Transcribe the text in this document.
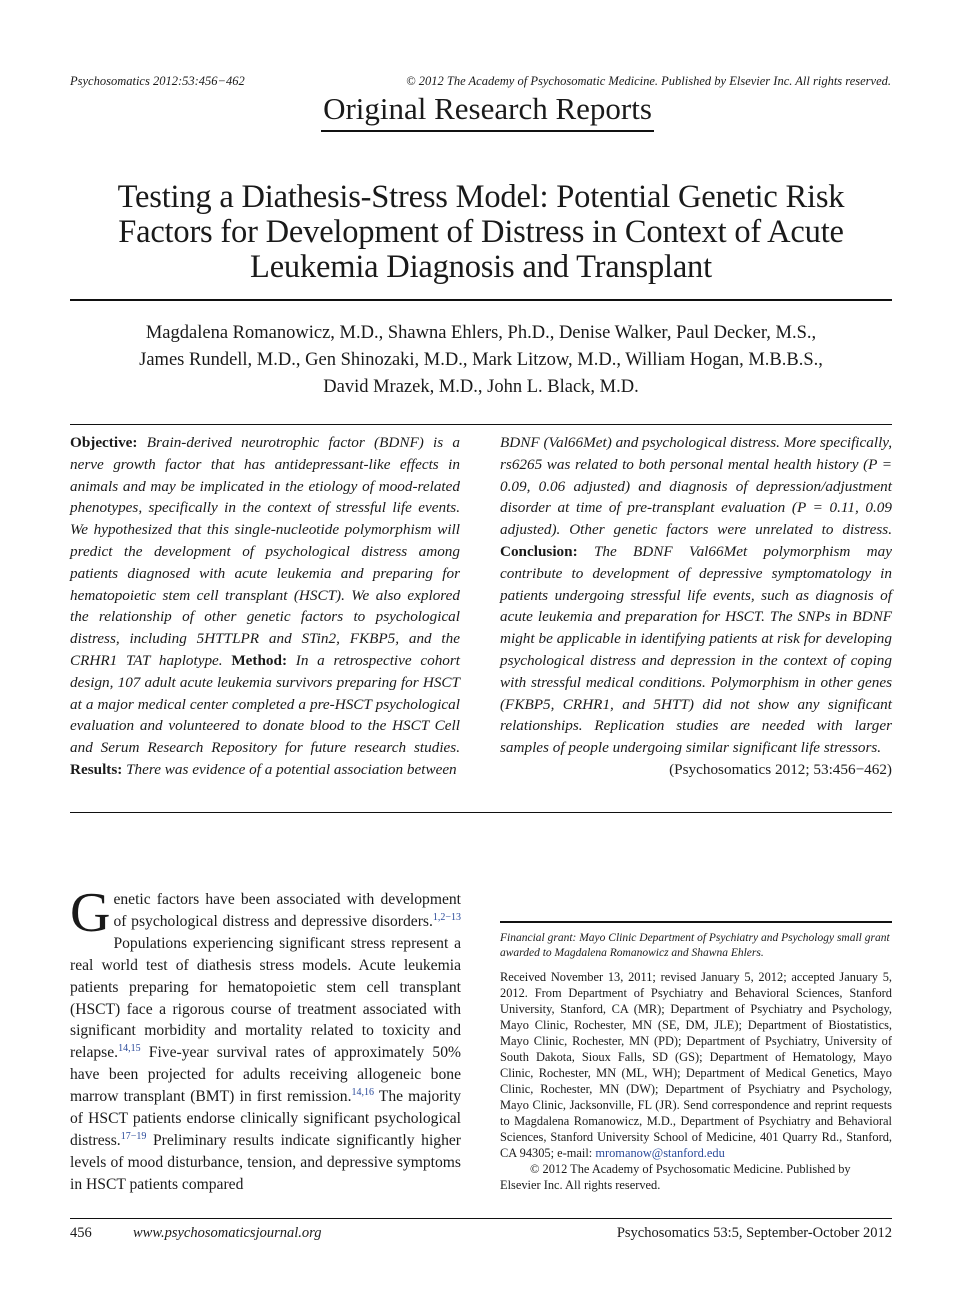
Psychosomatics 2012:53:456−462	© 2012 The Academy of Psychosomatic Medicine. Published by Elsevier Inc. All rights reserved.
Original Research Reports
Testing a Diathesis-Stress Model: Potential Genetic Risk
Factors for Development of Distress in Context of Acute
Leukemia Diagnosis and Transplant
Magdalena Romanowicz, M.D., Shawna Ehlers, Ph.D., Denise Walker, Paul Decker, M.S.,
James Rundell, M.D., Gen Shinozaki, M.D., Mark Litzow, M.D., William Hogan, M.B.B.S.,
David Mrazek, M.D., John L. Black, M.D.
Objective: Brain-derived neurotrophic factor (BDNF) is a nerve growth factor that has antidepressant-like effects in animals and may be implicated in the etiology of mood-related phenotypes, specifically in the context of stressful life events. We hypothesized that this single-nucleotide polymorphism will predict the development of psychological distress among patients diagnosed with acute leukemia and preparing for hematopoietic stem cell transplant (HSCT). We also explored the relationship of other genetic factors to psychological distress, including 5HTTLPR and STin2, FKBP5, and the CRHR1 TAT haplotype. Method: In a retrospective cohort design, 107 adult acute leukemia survivors preparing for HSCT at a major medical center completed a pre-HSCT psychological evaluation and volunteered to donate blood to the HSCT Cell and Serum Research Repository for future research studies. Results: There was evidence of a potential association between
BDNF (Val66Met) and psychological distress. More specifically, rs6265 was related to both personal mental health history (P = 0.09, 0.06 adjusted) and diagnosis of depression/adjustment disorder at time of pre-transplant evaluation (P = 0.11, 0.09 adjusted). Other genetic factors were unrelated to distress. Conclusion: The BDNF Val66Met polymorphism may contribute to development of depressive symptomatology in patients undergoing stressful life events, such as diagnosis of acute leukemia and preparation for HSCT. The SNPs in BDNF might be applicable in identifying patients at risk for developing psychological distress and depression in the context of coping with stressful medical conditions. Polymorphism in other genes (FKBP5, CRHR1, and 5HTT) did not show any significant relationships. Replication studies are needed with larger samples of people undergoing similar significant life stressors.
(Psychosomatics 2012; 53:456−462)
Genetic factors have been associated with development of psychological distress and depressive disorders.$^{1,2-13}$ Populations experiencing significant stress represent a real world test of diathesis stress models. Acute leukemia patients preparing for hematopoietic stem cell transplant (HSCT) face a rigorous course of treatment associated with significant morbidity and mortality related to toxicity and relapse.$^{14,15}$ Five-year survival rates of approximately 50% have been projected for adults receiving allogeneic bone marrow transplant (BMT) in first remission.$^{14,16}$ The majority of HSCT patients endorse clinically significant psychological distress.$^{17-19}$ Preliminary results indicate significantly higher levels of mood disturbance, tension, and depressive symptoms in HSCT patients compared
Financial grant: Mayo Clinic Department of Psychiatry and Psychology small grant awarded to Magdalena Romanowicz and Shawna Ehlers.
Received November 13, 2011; revised January 5, 2012; accepted January 5, 2012. From Department of Psychiatry and Behavioral Sciences, Stanford University, Stanford, CA (MR); Department of Psychiatry and Psychology, Mayo Clinic, Rochester, MN (SE, DM, JLE); Department of Biostatistics, Mayo Clinic, Rochester, MN (PD); Department of Psychiatry, University of South Dakota, Sioux Falls, SD (GS); Department of Hematology, Mayo Clinic, Rochester, MN (ML, WH); Department of Medical Genetics, Mayo Clinic, Rochester, MN (DW); Department of Psychiatry and Psychology, Mayo Clinic, Jacksonville, FL (JR). Send correspondence and reprint requests to Magdalena Romanowicz, M.D., Department of Psychiatry and Behavioral Sciences, Stanford University School of Medicine, 401 Quarry Rd., Stanford, CA 94305; e-mail: mromanow@stanford.edu
© 2012 The Academy of Psychosomatic Medicine. Published by Elsevier Inc. All rights reserved.
456	www.psychosomaticsjournal.org	Psychosomatics 53:5, September-October 2012
